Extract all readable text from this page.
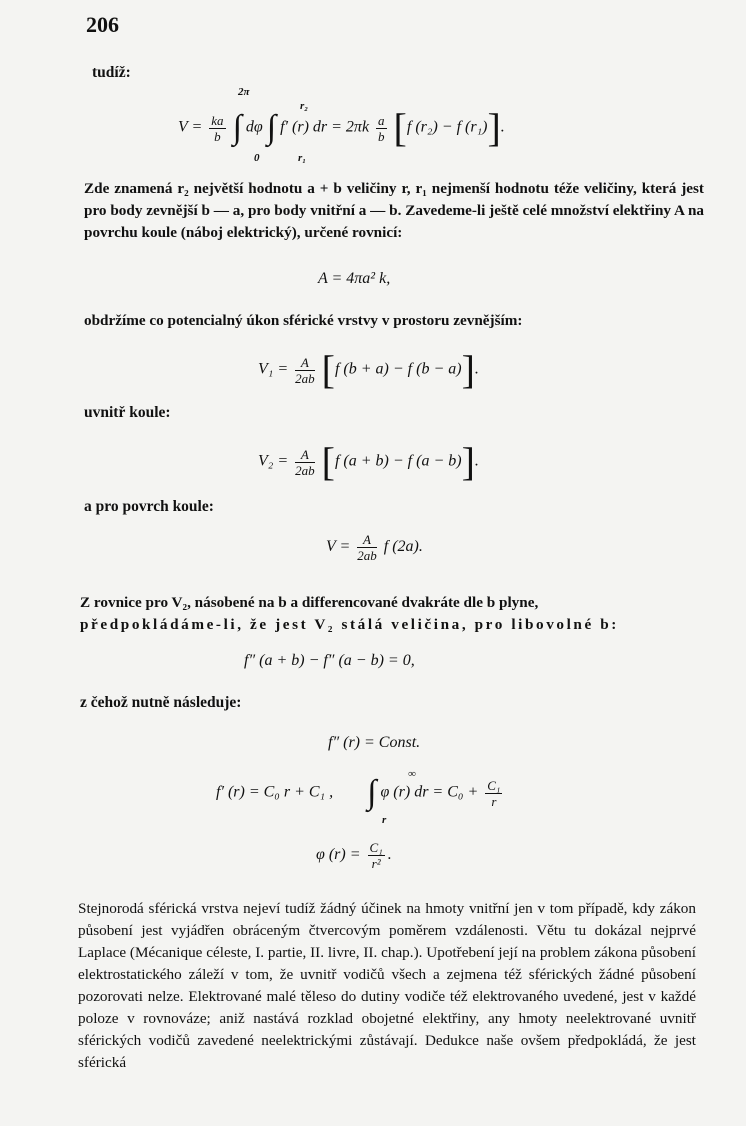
206
tudíž:
2π
0
r₂
r₁
$V = \frac{ka}{b}$ ∫ dφ ∫ f′ (r) dr = $2\pi k \frac{a}{b} [f$ (r₂) − f (r₁)].
Zde znamená r₂ největší hodnotu a + b veličiny r, r₁ nejmenší hodnotu téže veličiny, která jest pro body zevnější b — a, pro body vnitřní a — b. Zavedeme-li ještě celé množství elektřiny A na povrchu koule (náboj elektrický), určené rovnicí:
A = 4πa² k,
obdržíme co potencialný úkon sférické vrstvy v prostoru zevnějším:
$V_1 = \frac{A}{2ab} [f$ (b + a) − f (b − a)].
uvnitř koule:
$V_2 = \frac{A}{2ab} [f$ (a + b) − f (a − b)].
a pro povrch koule:
$V = \frac{A}{2ab}$ f (2a).
Z rovnice pro V₂, násobené na b a differencované dvakráte dle b plyne,
předpokládáme-li, že jest V₂ stálá veličina, pro libovolné b:
f″ (a + b) − f″ (a − b) = 0,
z čehož nutně následuje:
f″ (r) = Const.
∞
r
f′ (r) = C₀ r + C₁ , ∫ φ (r) dr = $C_0 + \frac{\text{C₁}}{r}$
φ $(r) = \frac{\text{C₁}}{\text{r²}}$ .
Stejnorodá sférická vrstva nejeví tudíž žádný účinek na hmoty vnitřní jen v tom případě, kdy zákon působení jest vyjádřen obráceným čtvercovým poměrem vzdálenosti. Větu tu dokázal nejprvé Laplace (Mécanique céleste, I. partie, II. livre, II. chap.). Upotřebení její na problem zákona působení elektrostatického záleží v tom, že uvnitř vodičů všech a zejmena též sférických žádné působení pozorovati nelze. Elektrované malé těleso do dutiny vodiče též elektrovaného uvedené, jest v každé poloze v rovnováze; aniž nastává rozklad obojetné elektřiny, any hmoty neelektrované uvnitř sférických vodičů zavedené neelektrickými zůstávají. Dedukce naše ovšem předpokládá, že jest sférická
